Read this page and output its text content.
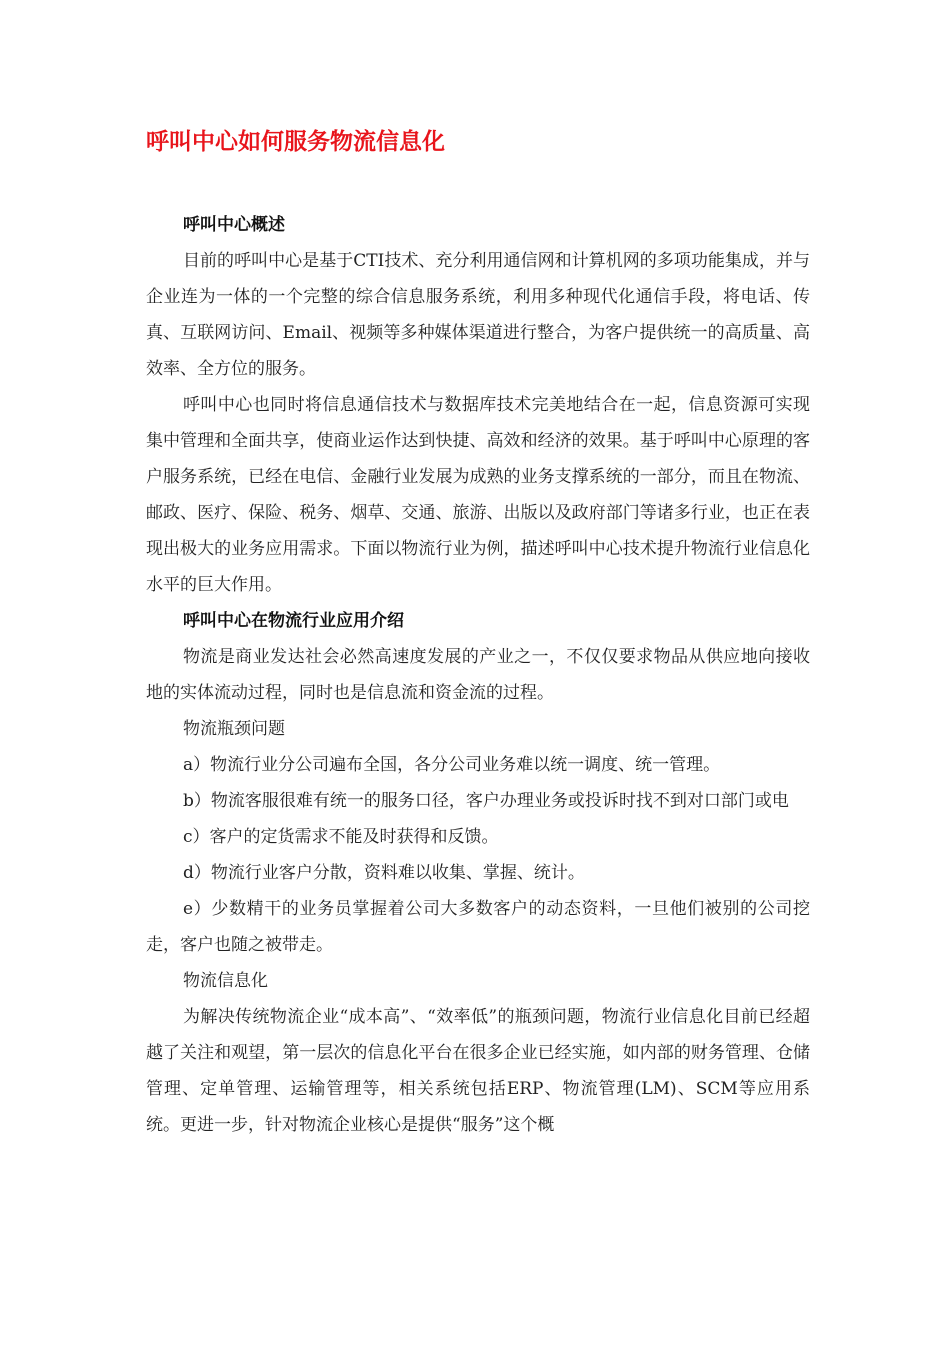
呼叫中心如何服务物流信息化
呼叫中心概述

目前的呼叫中心是基于CTI技术、充分利用通信网和计算机网的多项功能集成，并与企业连为一体的一个完整的综合信息服务系统，利用多种现代化通信手段，将电话、传真、互联网访问、Email、视频等多种媒体渠道进行整合，为客户提供统一的高质量、高效率、全方位的服务。

呼叫中心也同时将信息通信技术与数据库技术完美地结合在一起，信息资源可实现集中管理和全面共享，使商业运作达到快捷、高效和经济的效果。基于呼叫中心原理的客户服务系统，已经在电信、金融行业发展为成熟的业务支撑系统的一部分，而且在物流、邮政、医疗、保险、税务、烟草、交通、旅游、出版以及政府部门等诸多行业，也正在表现出极大的业务应用需求。下面以物流行业为例，描述呼叫中心技术提升物流行业信息化水平的巨大作用。

呼叫中心在物流行业应用介绍

物流是商业发达社会必然高速度发展的产业之一，不仅仅要求物品从供应地向接收地的实体流动过程，同时也是信息流和资金流的过程。

物流瓶颈问题

a）物流行业分公司遍布全国，各分公司业务难以统一调度、统一管理。

b）物流客服很难有统一的服务口径，客户办理业务或投诉时找不到对口部门或电

c）客户的定货需求不能及时获得和反馈。

d）物流行业客户分散，资料难以收集、掌握、统计。

e）少数精干的业务员掌握着公司大多数客户的动态资料，一旦他们被别的公司挖走，客户也随之被带走。

物流信息化

为解决传统物流企业“成本高”、“效率低”的瓶颈问题，物流行业信息化目前已经超越了关注和观望，第一层次的信息化平台在很多企业已经实施，如内部的财务管理、仓储管理、定单管理、运输管理等，相关系统包括ERP、物流管理(LM)、SCM等应用系统。更进一步，针对物流企业核心是提供“服务”这个概
